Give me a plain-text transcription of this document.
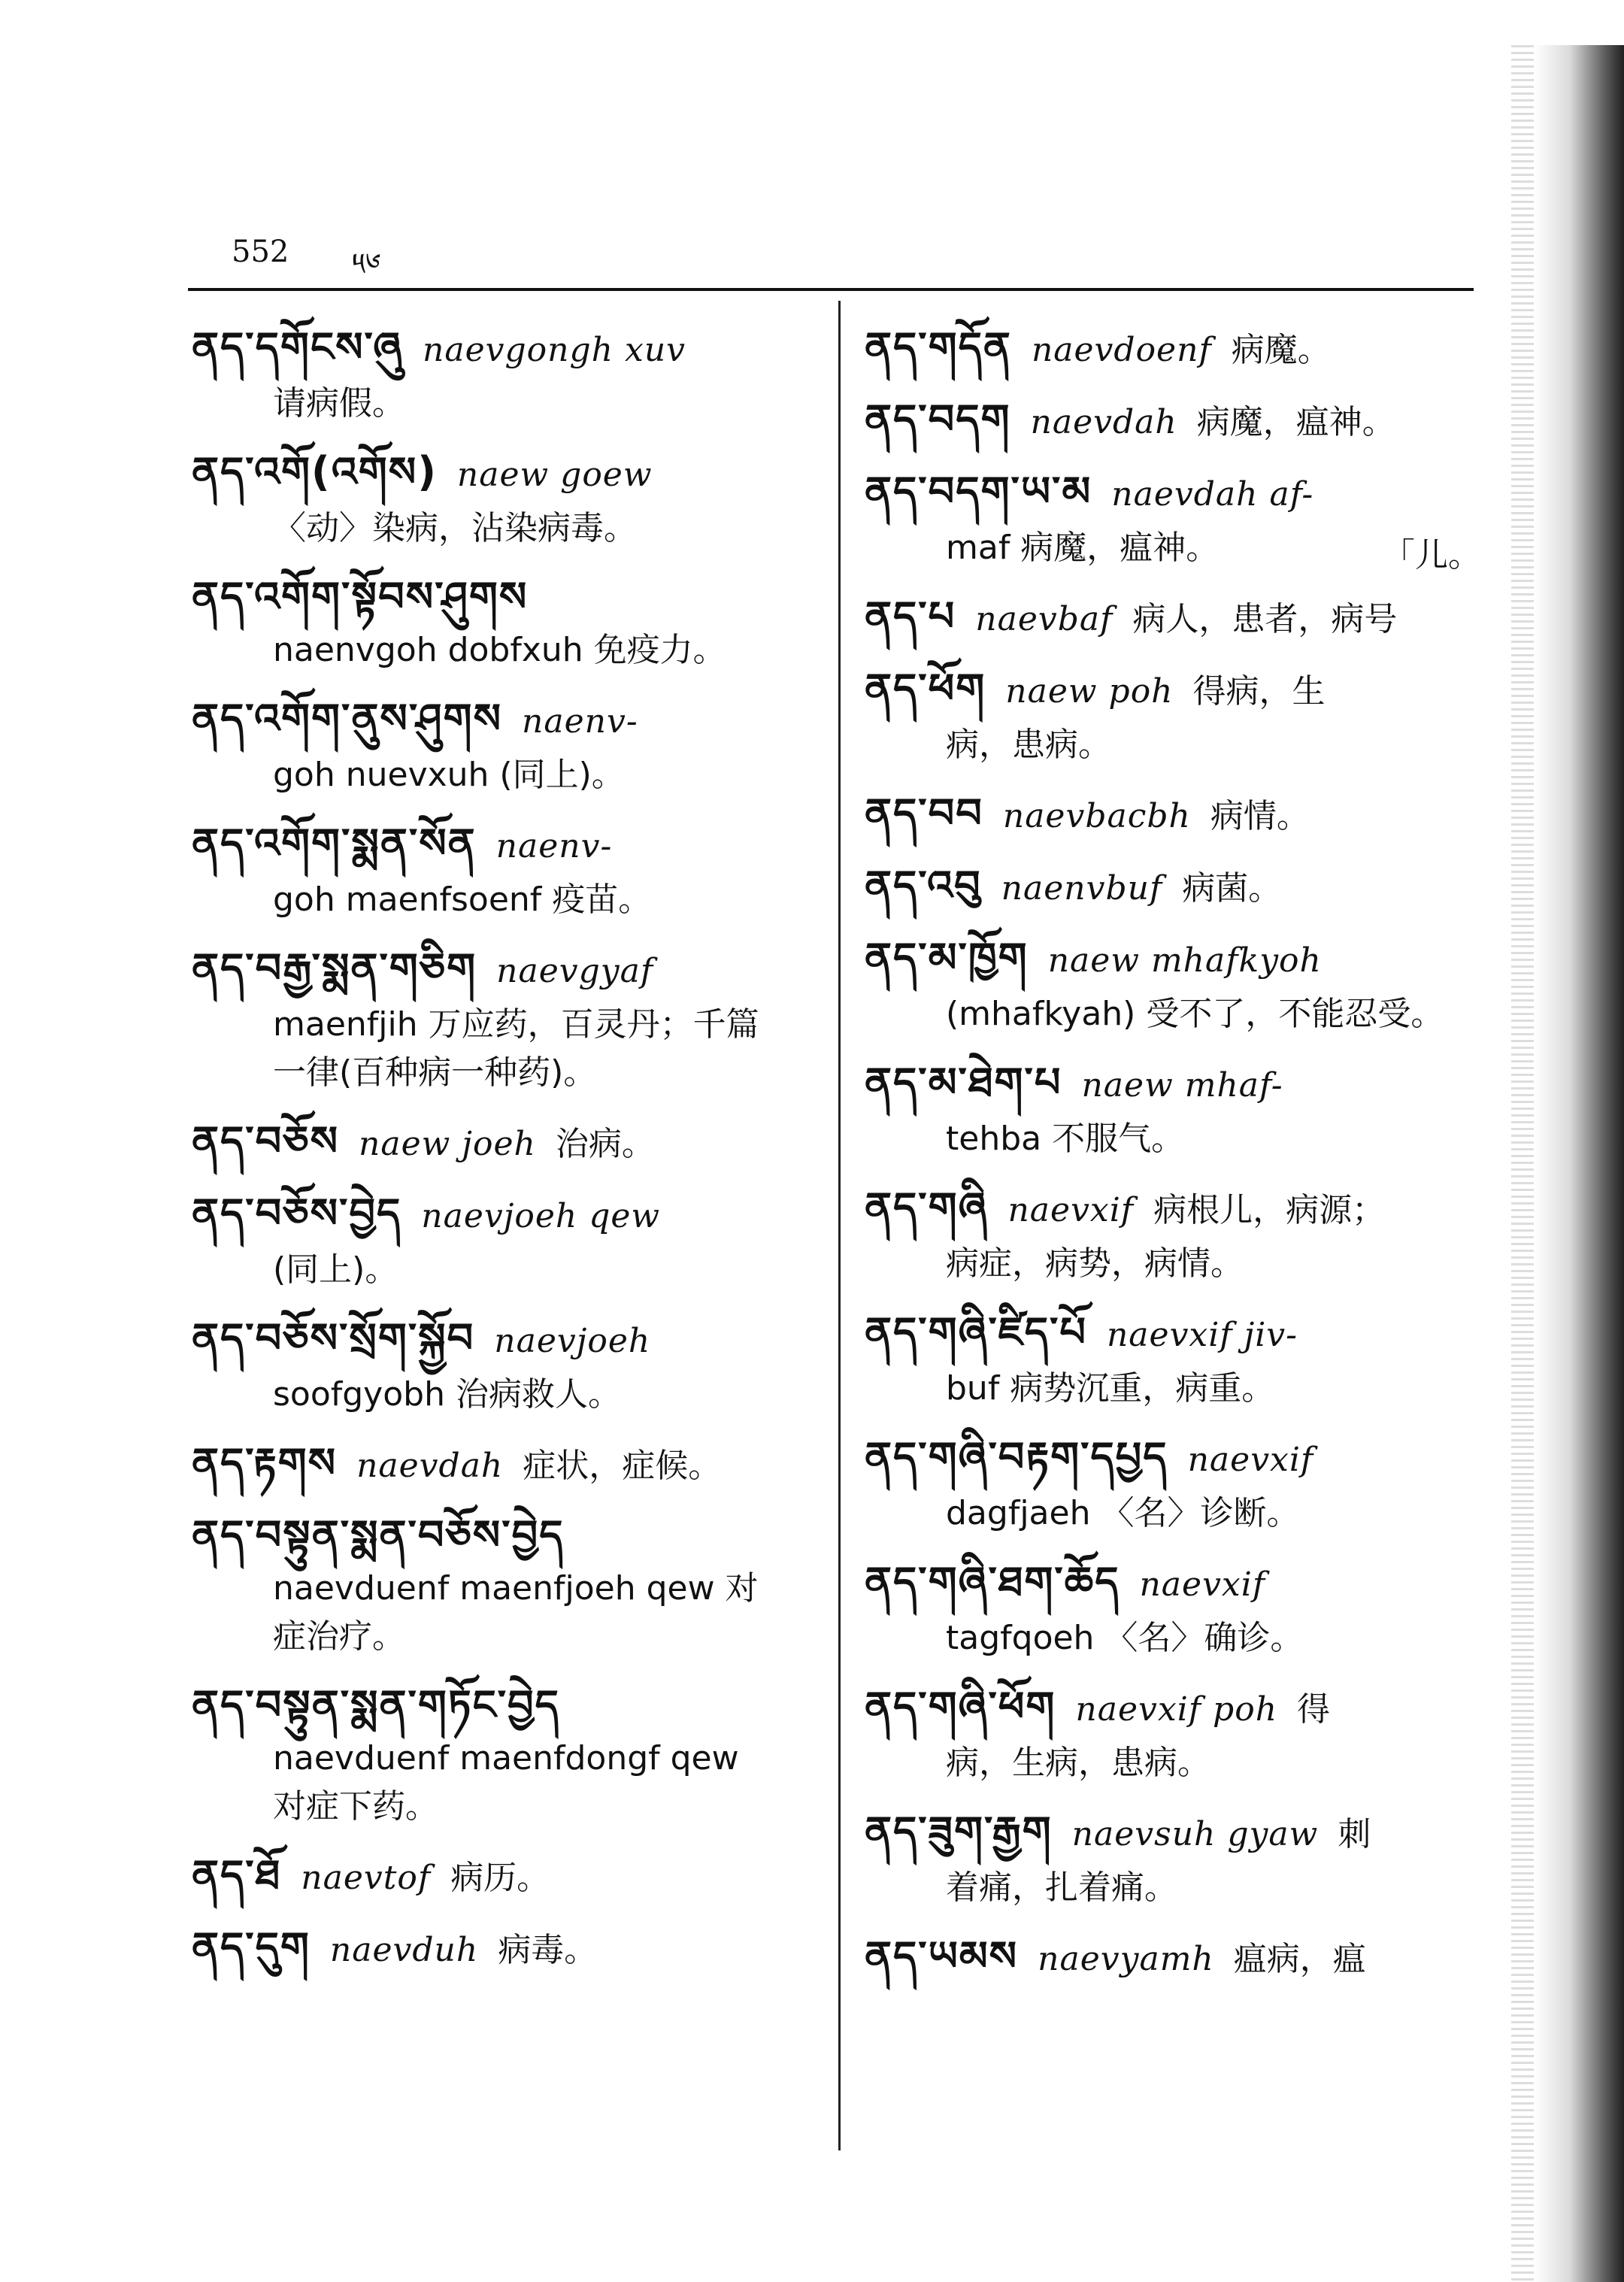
552 ༥༦
ནད་དགོངས་ཞུ naevgongh xuv
请病假。
ནད་འགོ(འགོས) naew goew
〈动〉染病，沾染病毒。
ནད་འགོག་སྟོབས་ཤུགས
naenvgoh dobfxuh 免疫力。
ནད་འགོག་ནུས་ཤུགས naenv-
goh nuevxuh (同上)。
ནད་འགོག་སྨན་སོན naenv-
goh maenfsoenf 疫苗。
ནད་བརྒྱ་སྨན་གཅིག naevgyaf
maenfjih 万应药，百灵丹；千篇
一律(百种病一种药)。
ནད་བཅོས naew joeh 治病。
ནད་བཅོས་བྱེད naevjoeh qew
(同上)。
ནད་བཅོས་སྲོག་སྐྱོབ naevjoeh
soofgyobh 治病救人。
ནད་རྟགས naevdah 症状，症候。
ནད་བསྟུན་སྨན་བཅོས་བྱེད
naevduenf maenfjoeh qew 对
症治疗。
ནད་བསྟུན་སྨན་གཏོང་བྱེད
naevduenf maenfdongf qew
对症下药。
ནད་ཐོ naevtof 病历。
ནད་དུག naevduh 病毒。
ནད་གདོན naevdoenf 病魔。
ནད་བདག naevdah 病魔，瘟神。
ནད་བདག་ཡ་མ naevdah af-
maf 病魔，瘟神。	「儿。
ནད་པ naevbaf 病人，患者，病号
ནད་ཕོག naew poh 得病，生
病，患病。
ནད་བབ naevbacbh 病情。
ནད་འབུ naenvbuf 病菌。
ནད་མ་ཁྱོག naew mhafkyoh
(mhafkyah) 受不了，不能忍受。
ནད་མ་ཐེག་པ naew mhaf-
tehba 不服气。
ནད་གཞི naevxif 病根儿，病源；
病症，病势，病情。
ནད་གཞི་ཛིད་པོ naevxif jiv-
buf 病势沉重，病重。
ནད་གཞི་བརྟག་དཔྱད naevxif
dagfjaeh 〈名〉诊断。
ནད་གཞི་ཐག་ཆོད naevxif
tagfqoeh 〈名〉确诊。
ནད་གཞི་ཕོག naevxif poh 得
病，生病，患病。
ནད་ཟུག་རྒྱག naevsuh gyaw 刺
着痛，扎着痛。
ནད་ཡམས naevyamh 瘟病，瘟
